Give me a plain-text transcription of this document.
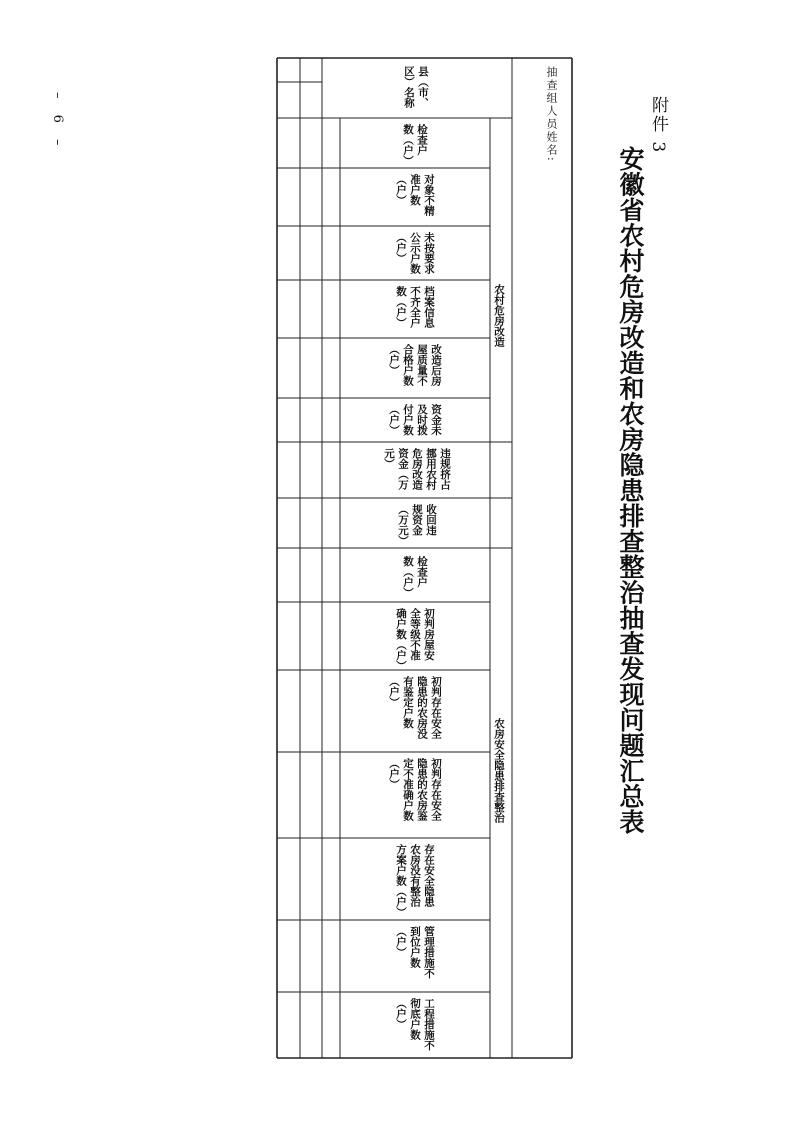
附件 3
安徽省农村危房改造和农房隐患排查整治抽查发现问题汇总表
– 6 –	抽查组人员姓名:
县（市、区）名称
农村危房改造
农房安全隐患排查整治
检查户数（户）
对象不精准户数（户）
未按要求公示户数（户）
档案信息不齐全户数（户）
改造后房屋质量不合格户数（户）
资金未及时拨付户数（户）
违规挤占挪用农村危房改造资金（万元）
收回违规资金（万元）
检查户数（户）
初判房屋安全等级不准确户数（户）
初判存在安全隐患的农房没有鉴定户数（户）
初判存在安全隐患的农房鉴定不准确户数（户）
存在安全隐患农房没有整治方案户数（户）
管理措施不到位户数（户）
工程措施不彻底户数（户）
